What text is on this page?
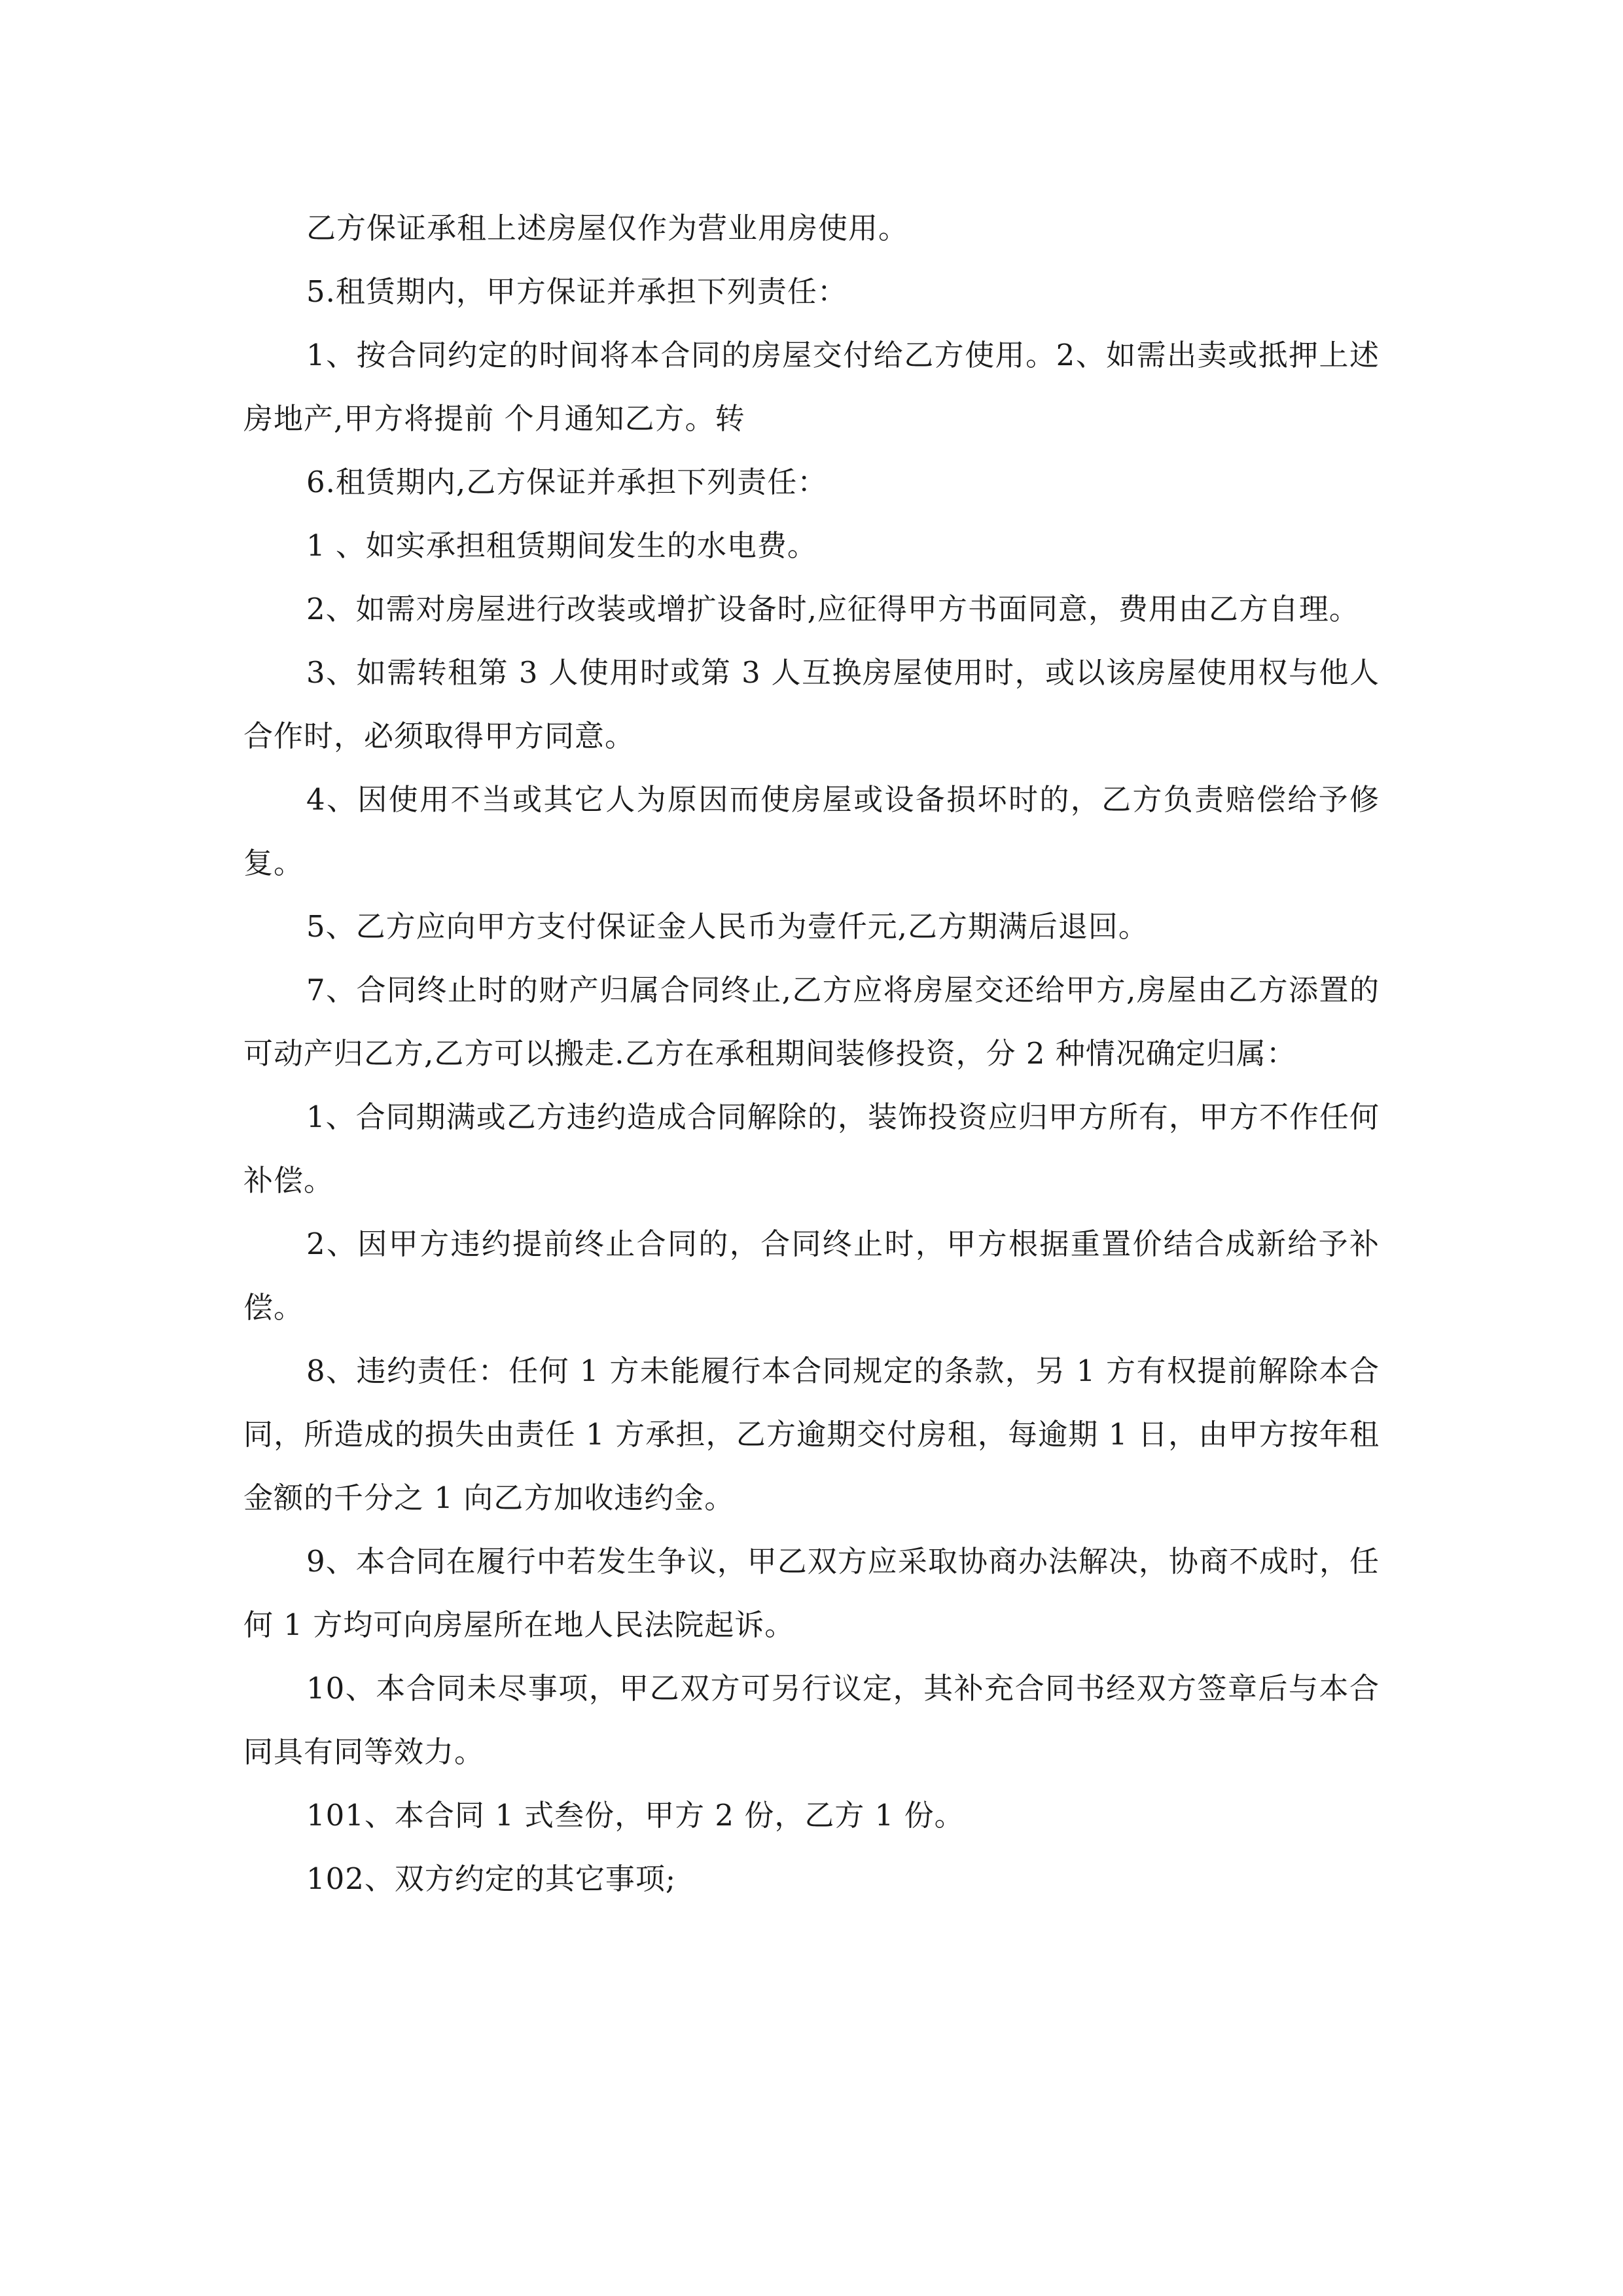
乙方保证承租上述房屋仅作为营业用房使用。

5.租赁期内，甲方保证并承担下列责任：

1、按合同约定的时间将本合同的房屋交付给乙方使用。2、如需出卖或抵押上述房地产,甲方将提前 个月通知乙方。转

6.租赁期内,乙方保证并承担下列责任：

1 、如实承担租赁期间发生的水电费。

2、如需对房屋进行改装或增扩设备时,应征得甲方书面同意，费用由乙方自理。

3、如需转租第 3 人使用时或第 3 人互换房屋使用时，或以该房屋使用权与他人合作时，必须取得甲方同意。

4、因使用不当或其它人为原因而使房屋或设备损坏时的，乙方负责赔偿给予修复。

5、乙方应向甲方支付保证金人民币为壹仟元,乙方期满后退回。

7、合同终止时的财产归属合同终止,乙方应将房屋交还给甲方,房屋由乙方添置的可动产归乙方,乙方可以搬走.乙方在承租期间装修投资，分 2 种情况确定归属：

1、合同期满或乙方违约造成合同解除的，装饰投资应归甲方所有，甲方不作任何补偿。

2、因甲方违约提前终止合同的，合同终止时，甲方根据重置价结合成新给予补偿。

8、违约责任：任何 1 方未能履行本合同规定的条款，另 1 方有权提前解除本合同，所造成的损失由责任 1 方承担，乙方逾期交付房租，每逾期 1 日，由甲方按年租金额的千分之 1 向乙方加收违约金。

9、本合同在履行中若发生争议，甲乙双方应采取协商办法解决，协商不成时，任何 1 方均可向房屋所在地人民法院起诉。

10、本合同未尽事项，甲乙双方可另行议定，其补充合同书经双方签章后与本合同具有同等效力。

101、本合同 1 式叁份，甲方 2 份，乙方 1 份。

102、双方约定的其它事项;
